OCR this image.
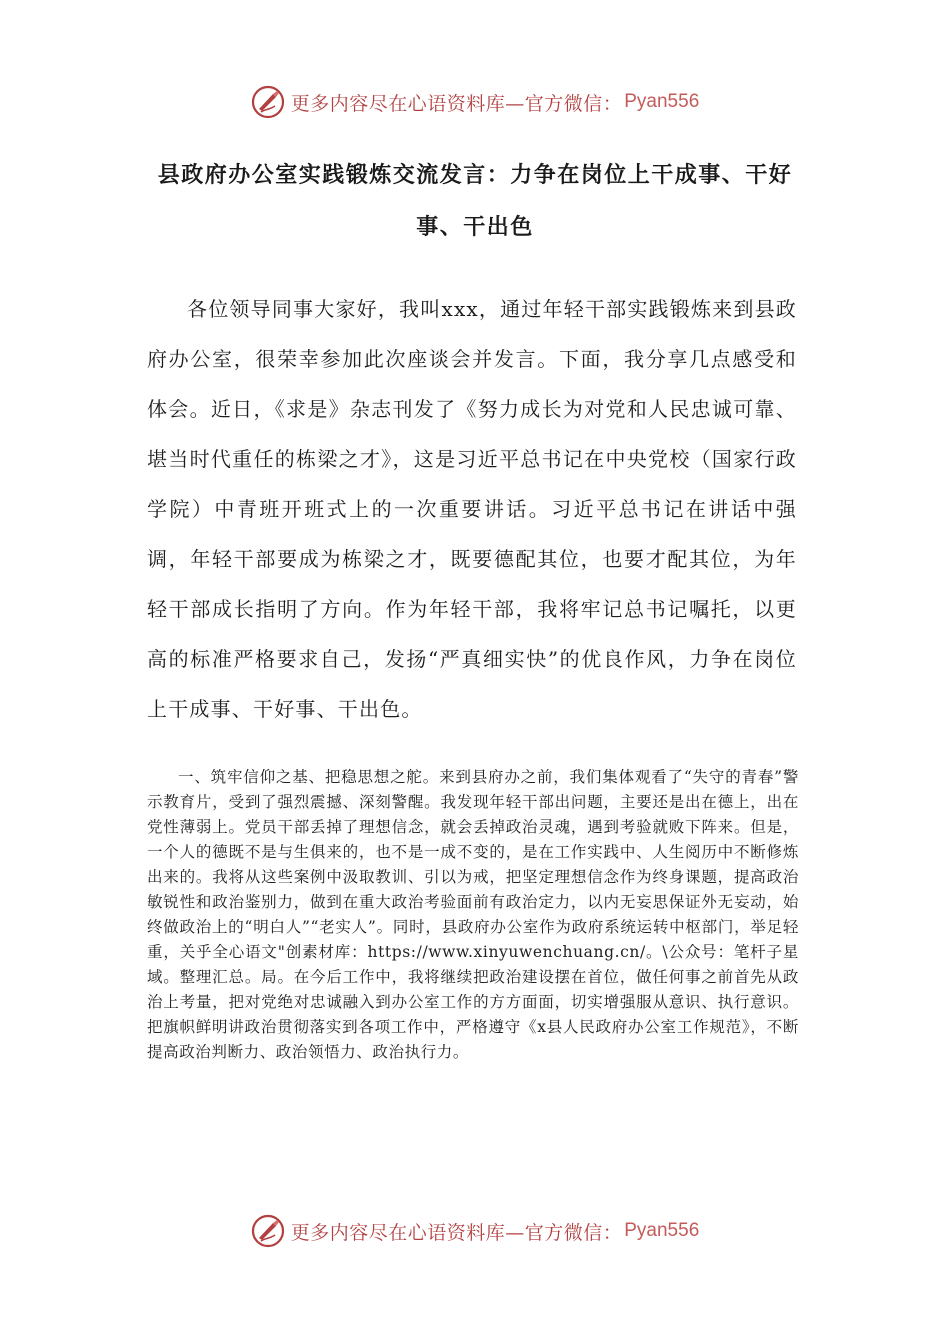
更多内容尽在心语资料库—官方微信： Pyan556
县政府办公室实践锻炼交流发言：力争在岗位上干成事、干好事、干出色

各位领导同事大家好，我叫xxx，通过年轻干部实践锻炼来到县政府办公室，很荣幸参加此次座谈会并发言。下面，我分享几点感受和体会。近日，《求是》杂志刊发了《努力成长为对党和人民忠诚可靠、堪当时代重任的栋梁之才》，这是习近平总书记在中央党校（国家行政学院）中青班开班式上的一次重要讲话。习近平总书记在讲话中强调，年轻干部要成为栋梁之才，既要德配其位，也要才配其位，为年轻干部成长指明了方向。作为年轻干部，我将牢记总书记嘱托，以更高的标准严格要求自己，发扬“严真细实快”的优良作风，力争在岗位上干成事、干好事、干出色。

一、筑牢信仰之基、把稳思想之舵。来到县府办之前，我们集体观看了“失守的青春”警示教育片，受到了强烈震撼、深刻警醒。我发现年轻干部出问题，主要还是出在德上，出在党性薄弱上。党员干部丢掉了理想信念，就会丢掉政治灵魂，遇到考验就败下阵来。但是，一个人的德既不是与生俱来的，也不是一成不变的，是在工作实践中、人生阅历中不断修炼出来的。我将从这些案例中汲取教训、引以为戒，把坚定理想信念作为终身课题，提高政治敏锐性和政治鉴别力，做到在重大政治考验面前有政治定力，以内无妄思保证外无妄动，始终做政治上的“明白人”“老实人”。同时，县政府办公室作为政府系统运转中枢部门，举足轻重，关乎全心语文"创素材库：https://www.xinyuwenchuang.cn/。\公众号：笔杆子星域。整理汇总。局。在今后工作中，我将继续把政治建设摆在首位，做任何事之前首先从政治上考量，把对党绝对忠诚融入到办公室工作的方方面面，切实增强服从意识、执行意识。把旗帜鲜明讲政治贯彻落实到各项工作中，严格遵守《x县人民政府办公室工作规范》，不断提高政治判断力、政治领悟力、政治执行力。

更多内容尽在心语资料库—官方微信： Pyan556
